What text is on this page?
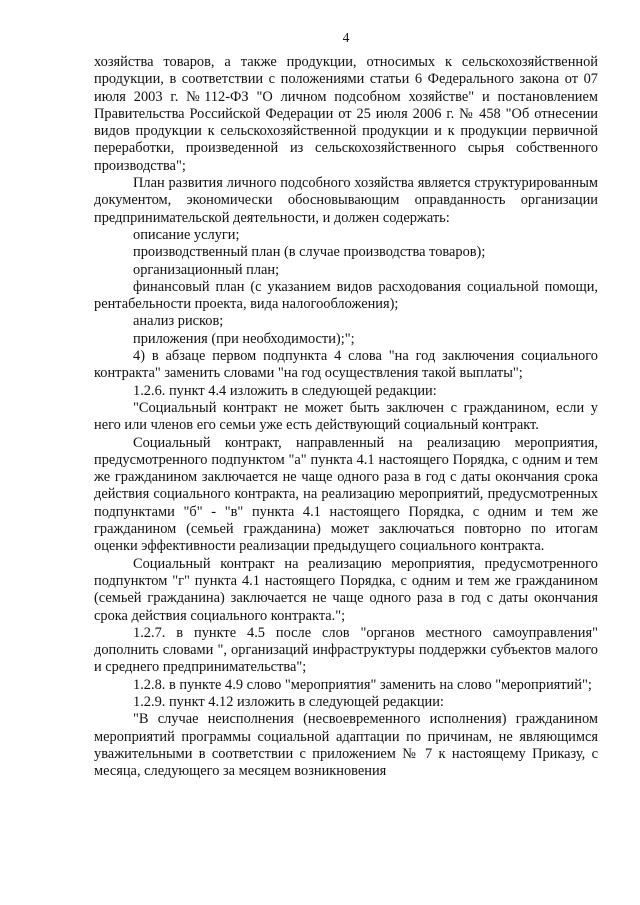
4

хозяйства товаров, а также продукции, относимых к сельскохозяйственной продукции, в соответствии с положениями статьи 6 Федерального закона от 07 июля 2003 г. №112-ФЗ "О личном подсобном хозяйстве" и постановлением Правительства Российской Федерации от 25 июля 2006 г. № 458 "Об отнесении видов продукции к сельскохозяйственной продукции и к продукции первичной переработки, произведенной из сельскохозяйственного сырья собственного производства";

План развития личного подсобного хозяйства является структурированным документом, экономически обосновывающим оправданность организации предпринимательской деятельности, и должен содержать:

описание услуги;

производственный план (в случае производства товаров);

организационный план;

финансовый план (с указанием видов расходования социальной помощи, рентабельности проекта, вида налогообложения);

анализ рисков;

приложения (при необходимости);";

4) в абзаце первом подпункта 4 слова "на год заключения социального контракта" заменить словами "на год осуществления такой выплаты";

1.2.6. пункт 4.4 изложить в следующей редакции:

"Социальный контракт не может быть заключен с гражданином, если у него или членов его семьи уже есть действующий социальный контракт.

Социальный контракт, направленный на реализацию мероприятия, предусмотренного подпунктом "а" пункта 4.1 настоящего Порядка, с одним и тем же гражданином заключается не чаще одного раза в год с даты окончания срока действия социального контракта, на реализацию мероприятий, предусмотренных подпунктами "б" - "в" пункта 4.1 настоящего Порядка, с одним и тем же гражданином (семьей гражданина) может заключаться повторно по итогам оценки эффективности реализации предыдущего социального контракта.

Социальный контракт на реализацию мероприятия, предусмотренного подпунктом "г" пункта 4.1 настоящего Порядка, с одним и тем же гражданином (семьей гражданина) заключается не чаще одного раза в год с даты окончания срока действия социального контракта.";

1.2.7. в пункте 4.5 после слов "органов местного самоуправления" дополнить словами ", организаций инфраструктуры поддержки субъектов малого и среднего предпринимательства";

1.2.8. в пункте 4.9 слово "мероприятия" заменить на слово "мероприятий";

1.2.9. пункт 4.12 изложить в следующей редакции:

"В случае неисполнения (несвоевременного исполнения) гражданином мероприятий программы социальной адаптации по причинам, не являющимся уважительными в соответствии с приложением № 7 к настоящему Приказу, с месяца, следующего за месяцем возникновения
